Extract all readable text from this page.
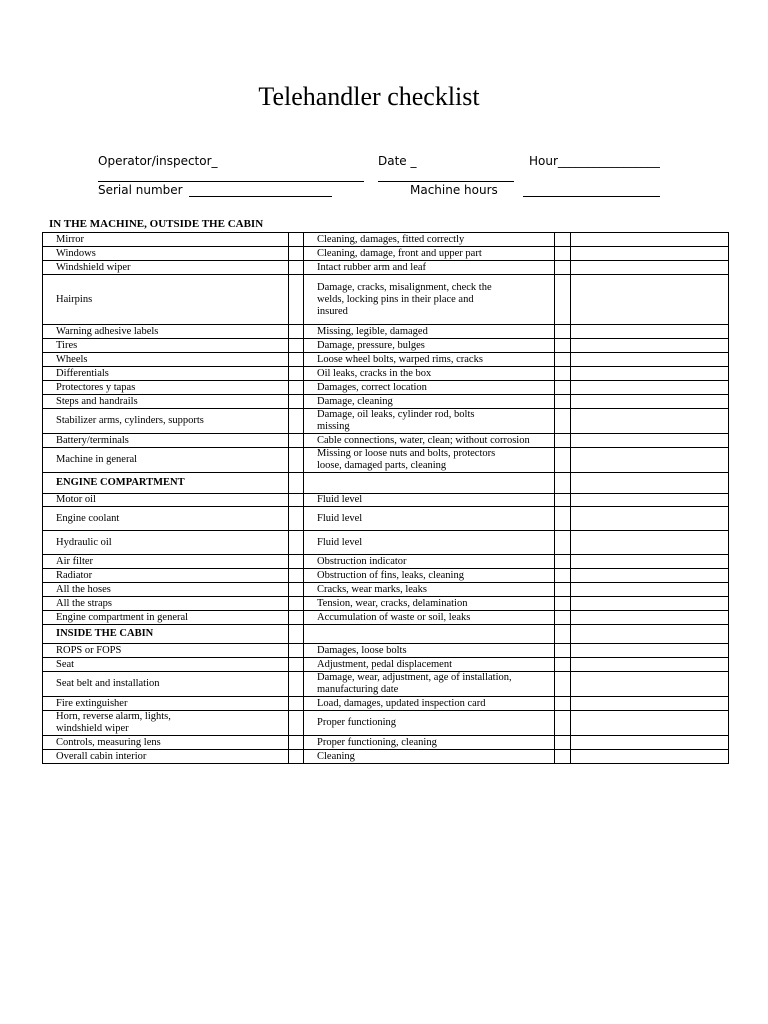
Telehandler checklist
Operator/inspector_	Date _	Hour_________________
Serial number	Machine hours
IN THE MACHINE, OUTSIDE THE CABIN
Mirror		Cleaning, damages, fitted correctly		
Windows		Cleaning, damage, front and upper part		
Windshield wiper		Intact rubber arm and leaf		
Hairpins		Damage, cracks, misalignment, check the welds, locking pins in their place and insured		
Warning adhesive labels		Missing, legible, damaged		
Tires		Damage, pressure, bulges		
Wheels		Loose wheel bolts, warped rims, cracks		
Differentials		Oil leaks, cracks in the box		
Protectores y tapas		Damages, correct location		
Steps and handrails		Damage, cleaning		
Stabilizer arms, cylinders, supports		Damage, oil leaks, cylinder rod, bolts missing		
Battery/terminals		Cable connections, water, clean; without corrosion		
Machine in general		Missing or loose nuts and bolts, protectors loose, damaged parts, cleaning		
ENGINE COMPARTMENT				
Motor oil		Fluid level		
Engine coolant		Fluid level		
Hydraulic oil		Fluid level		
Air filter		Obstruction indicator		
Radiator		Obstruction of fins, leaks, cleaning		
All the hoses		Cracks, wear marks, leaks		
All the straps		Tension, wear, cracks, delamination		
Engine compartment in general		Accumulation of waste or soil, leaks		
INSIDE THE CABIN				
ROPS or FOPS		Damages, loose bolts		
Seat		Adjustment, pedal displacement		
Seat belt and installation		Damage, wear, adjustment, age of installation, manufacturing date		
Fire extinguisher		Load, damages, updated inspection card		
Horn, reverse alarm, lights, windshield wiper		Proper functioning		
Controls, measuring lens		Proper functioning, cleaning		
Overall cabin interior		Cleaning		
